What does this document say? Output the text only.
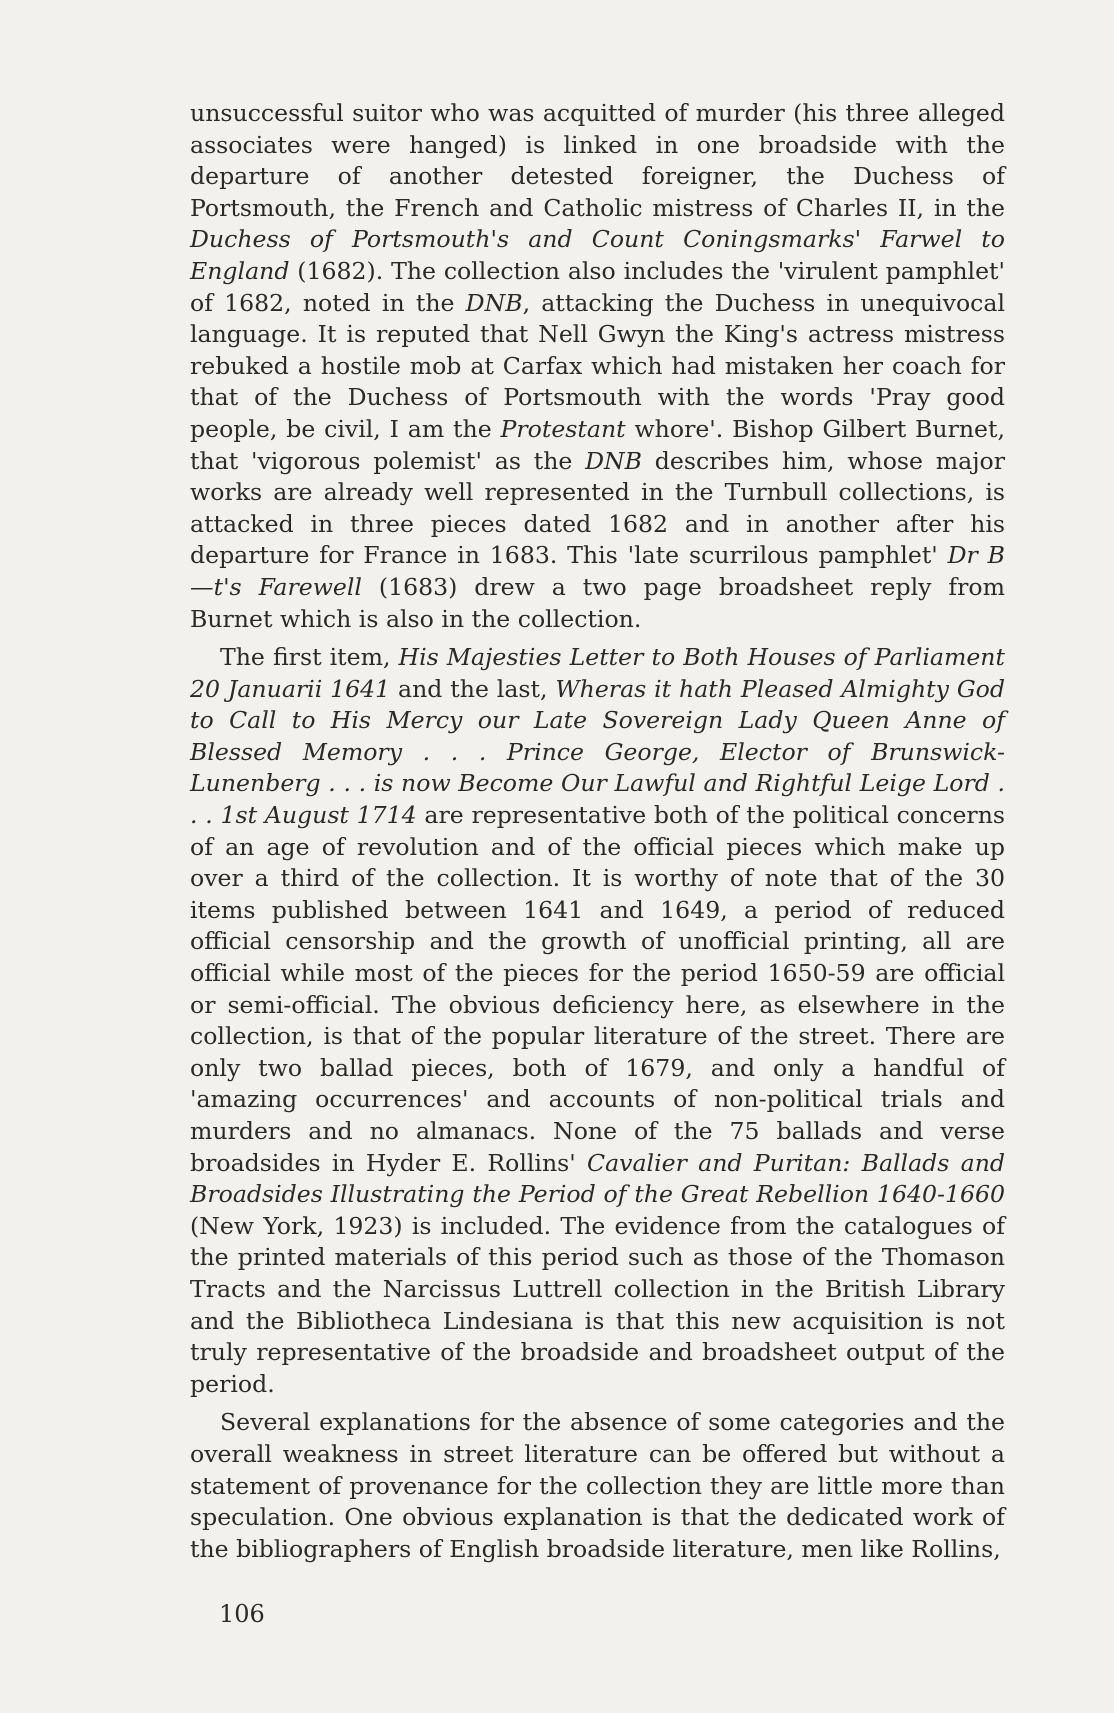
unsuccessful suitor who was acquitted of murder (his three alleged associates were hanged) is linked in one broadside with the departure of another detested foreigner, the Duchess of Portsmouth, the French and Catholic mistress of Charles II, in the Duchess of Portsmouth's and Count Coningsmarks' Farwel to England (1682). The collection also includes the 'virulent pamphlet' of 1682, noted in the DNB, attacking the Duchess in unequivocal language. It is reputed that Nell Gwyn the King's actress mistress rebuked a hostile mob at Carfax which had mistaken her coach for that of the Duchess of Portsmouth with the words 'Pray good people, be civil, I am the Protestant whore'. Bishop Gilbert Burnet, that 'vigorous polemist' as the DNB describes him, whose major works are already well represented in the Turnbull collections, is attacked in three pieces dated 1682 and in another after his departure for France in 1683. This 'late scurrilous pamphlet' Dr B—t's Farewell (1683) drew a two page broadsheet reply from Burnet which is also in the collection.

The first item, His Majesties Letter to Both Houses of Parliament 20 Januarii 1641 and the last, Wheras it hath Pleased Almighty God to Call to His Mercy our Late Sovereign Lady Queen Anne of Blessed Memory . . . Prince George, Elector of Brunswick-Lunenberg . . . is now Become Our Lawful and Rightful Leige Lord . . . 1st August 1714 are representative both of the political concerns of an age of revolution and of the official pieces which make up over a third of the collection. It is worthy of note that of the 30 items published between 1641 and 1649, a period of reduced official censorship and the growth of unofficial printing, all are official while most of the pieces for the period 1650-59 are official or semi-official. The obvious deficiency here, as elsewhere in the collection, is that of the popular literature of the street. There are only two ballad pieces, both of 1679, and only a handful of 'amazing occurrences' and accounts of non-political trials and murders and no almanacs. None of the 75 ballads and verse broadsides in Hyder E. Rollins' Cavalier and Puritan: Ballads and Broadsides Illustrating the Period of the Great Rebellion 1640-1660 (New York, 1923) is included. The evidence from the catalogues of the printed materials of this period such as those of the Thomason Tracts and the Narcissus Luttrell collection in the British Library and the Bibliotheca Lindesiana is that this new acquisition is not truly representative of the broadside and broadsheet output of the period.

Several explanations for the absence of some categories and the overall weakness in street literature can be offered but without a statement of provenance for the collection they are little more than speculation. One obvious explanation is that the dedicated work of the bibliographers of English broadside literature, men like Rollins,

106
